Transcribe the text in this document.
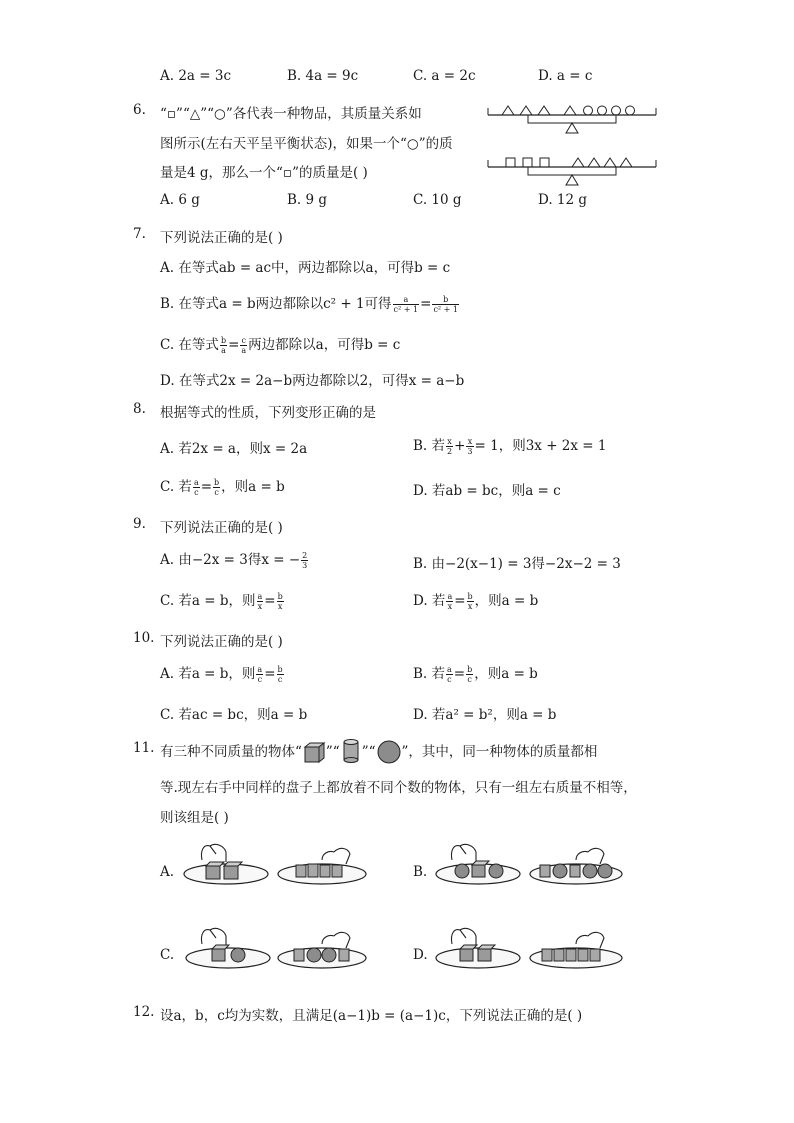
A. 2a = 3c	B. 4a = 9c	C. a = 2c	D. a = c
6. “▫”“△”“○”各代表一种物品，其质量关系如
图所示(左右天平呈平衡状态)，如果一个“○”的质
量是4 g，那么一个“▫”的质量是( )
A. 6 g	B. 9 g	C. 10 g	D. 12 g
7. 下列说法正确的是( )
A. 在等式ab = ac中，两边都除以a，可得b = c
B. 在等式a = b两边都除以c² + 1可得 $\frac{a}{\text{c² + 1}} = \frac{b}{\text{c² + 1}}$
C. 在等式 $\frac{b}{a} = \frac{c}{a}$ 两边都除以a，可得b = c
D. 在等式2x = 2a−b两边都除以2，可得x = a−b
8. 根据等式的性质，下列变形正确的是
A. 若2x = a，则x = 2a	B. 若 $\frac{x}{2} + \frac{x}{3} = 1$，则3x + 2x = 1
C. 若 $\frac{a}{c} = \frac{b}{c}$ ，则a = b	D. 若ab = bc，则a = c
9. 下列说法正确的是( )
A. 由−2x = 3得x = − $\frac{2}{3}$	B. 由−2(x−1) = 3得−2x−2 = 3
C. 若a = b，则 $\frac{a}{x} = \frac{b}{x}$	D. 若 $\frac{a}{x} = \frac{b}{x}$ ，则a = b
10. 下列说法正确的是( )
A. 若a = b，则 $\frac{a}{c} = \frac{b}{c}$	B. 若 $\frac{a}{c} = \frac{b}{c}$ ，则a = b
C. 若ac = bc，则a = b	D. 若a² = b²，则a = b
11. 有三种不同质量的物体“ ”“ ”“ ”，其中，同一种物体的质量都相
等.现左右手中同样的盘子上都放着不同个数的物体，只有一组左右质量不相等，
则该组是( )
A.	B.
C.	D.
12. 设a，b，c均为实数，且满足(a−1)b = (a−1)c，下列说法正确的是( )
